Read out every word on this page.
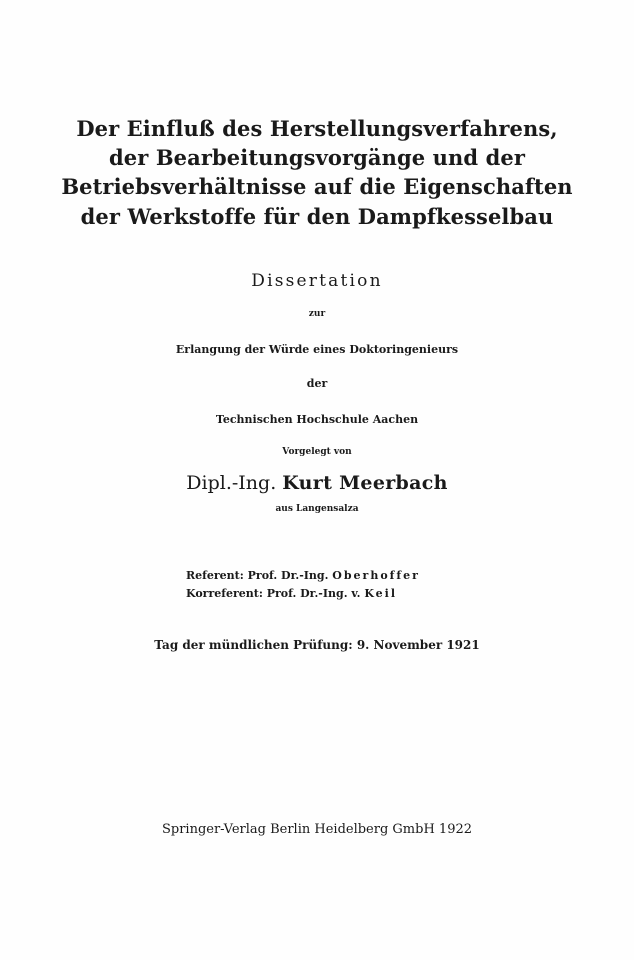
Der Einfluß des Herstellungsverfahrens,
der Bearbeitungsvorgänge und der
Betriebsverhältnisse auf die Eigenschaften
der Werkstoffe für den Dampfkesselbau
Dissertation
zur
Erlangung der Würde eines Doktoringenieurs
der
Technischen Hochschule Aachen
Vorgelegt von
Dipl.-Ing. Kurt Meerbach
aus Langensalza
Referent: Prof. Dr.-Ing. Oberhoffer
Korreferent: Prof. Dr.-Ing. v. Keil
Tag der mündlichen Prüfung: 9. November 1921
Springer-Verlag Berlin Heidelberg GmbH 1922
